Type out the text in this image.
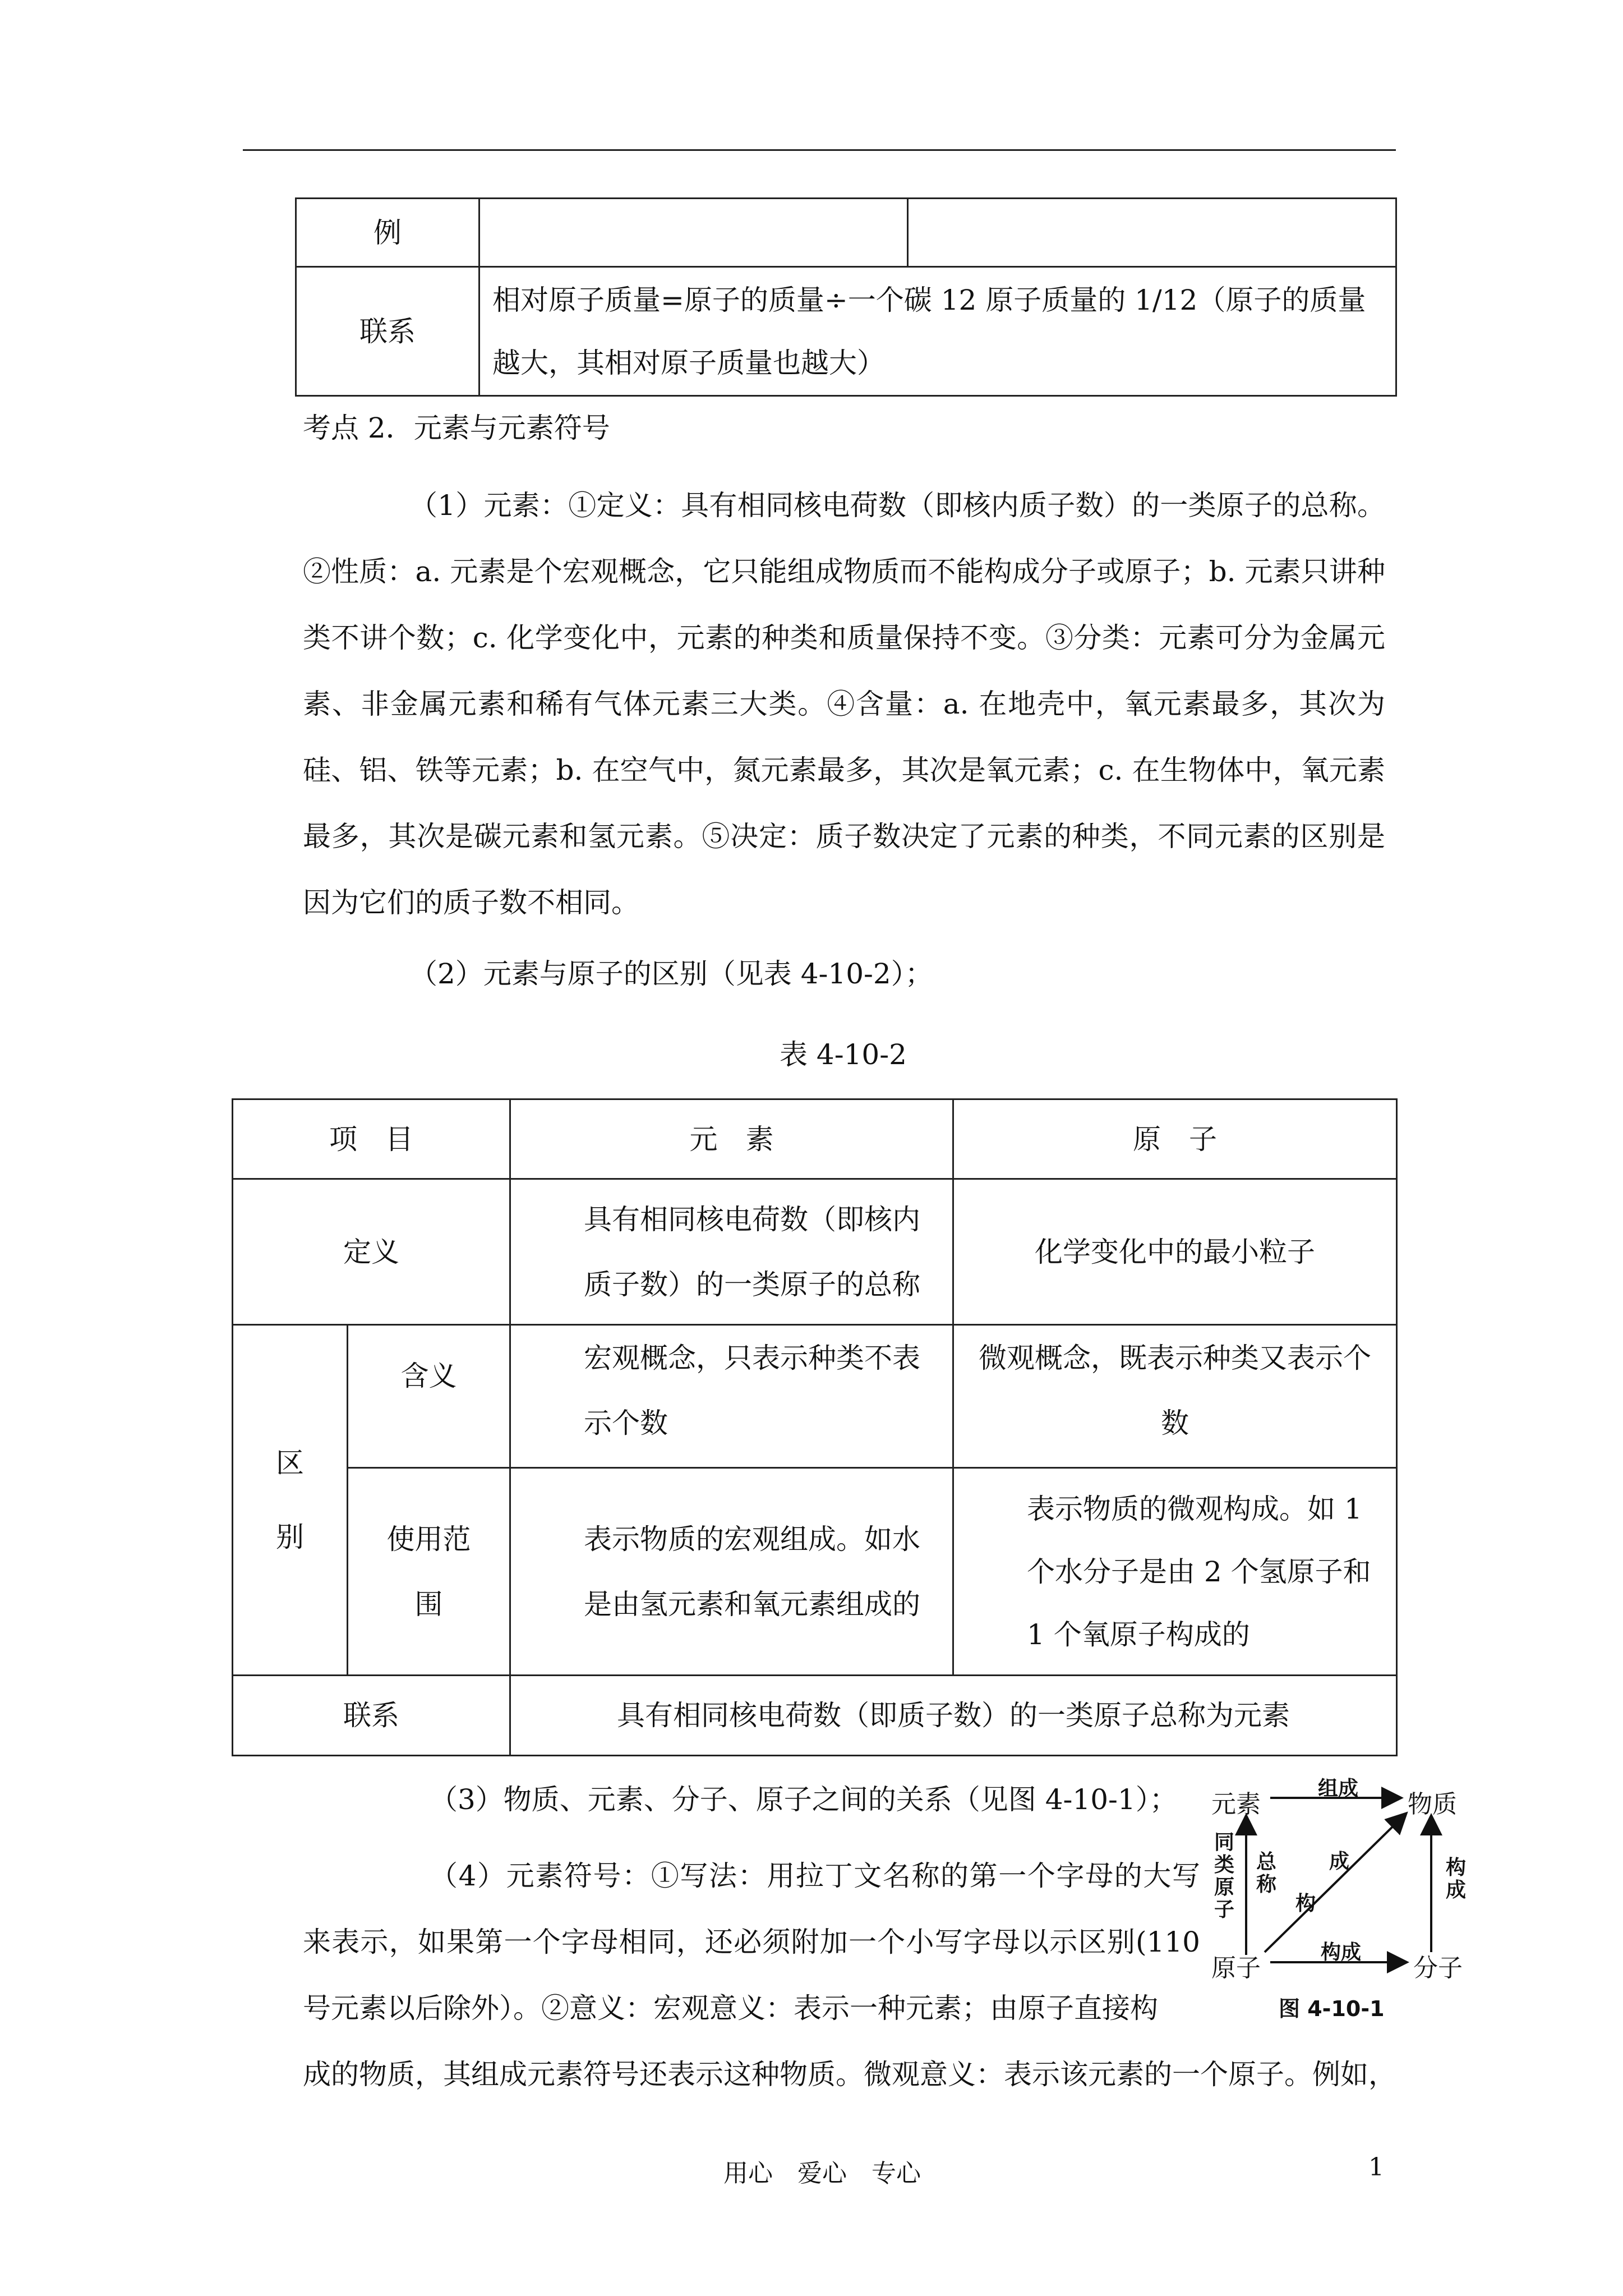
例		
联系	相对原子质量=原子的质量÷一个碳 12 原子质量的 1/12（原子的质量越大，其相对原子质量也越大）	
考点 2．元素与元素符号
（1）元素：①定义：具有相同核电荷数（即核内质子数）的一类原子的总称。②性质：a. 元素是个宏观概念，它只能组成物质而不能构成分子或原子；b. 元素只讲种类不讲个数；c. 化学变化中，元素的种类和质量保持不变。③分类：元素可分为金属元素、非金属元素和稀有气体元素三大类。④含量：a. 在地壳中，氧元素最多，其次为硅、铝、铁等元素；b. 在空气中，氮元素最多，其次是氧元素；c. 在生物体中，氧元素最多，其次是碳元素和氢元素。⑤决定：质子数决定了元素的种类，不同元素的区别是因为它们的质子数不相同。
（2）元素与原子的区别（见表 4-10-2）；
表 4-10-2
项　目		元　素	原　子
定义		具有相同核电荷数（即核内质子数）的一类原子的总称	化学变化中的最小粒子
区别	含义	宏观概念，只表示种类不表示个数	微观概念，既表示种类又表示个数
	使用范围	表示物质的宏观组成。如水是由氢元素和氧元素组成的	表示物质的微观构成。如 1 个水分子是由 2 个氢原子和 1 个氧原子构成的
联系		具有相同核电荷数（即质子数）的一类原子总称为元素	
（3）物质、元素、分子、原子之间的关系（见图 4-10-1）；
（4）元素符号：①写法：用拉丁文名称的第一个字母的大写来表示，如果第一个字母相同，还必须附加一个小写字母以示区别(110 号元素以后除外）。②意义：宏观意义：表示一种元素；由原子直接构
成的物质，其组成元素符号还表示这种物质。微观意义：表示该元素的一个原子。例如，
元素	物质
原子	分子
组成
同类原子
总称
成
构
构成
构成
图 4-10-1
用心　爱心　专心	1
